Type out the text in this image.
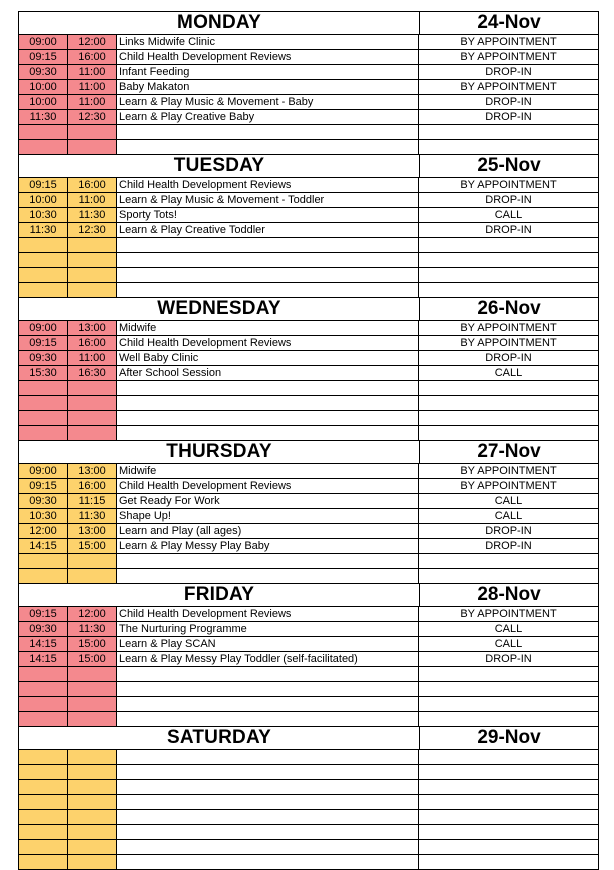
MONDAY	24-Nov
09:00	12:00	Links Midwife Clinic	BY APPOINTMENT
09:15	16:00	Child Health Development Reviews	BY APPOINTMENT
09:30	11:00	Infant Feeding	DROP-IN
10:00	11:00	Baby Makaton	BY APPOINTMENT
10:00	11:00	Learn & Play Music & Movement - Baby	DROP-IN
11:30	12:30	Learn & Play Creative Baby	DROP-IN
TUESDAY	25-Nov
09:15	16:00	Child Health Development Reviews	BY APPOINTMENT
10:00	11:00	Learn & Play Music & Movement - Toddler	DROP-IN
10:30	11:30	Sporty Tots!	CALL
11:30	12:30	Learn & Play Creative Toddler	DROP-IN
WEDNESDAY	26-Nov
09:00	13:00	Midwife	BY APPOINTMENT
09:15	16:00	Child Health Development Reviews	BY APPOINTMENT
09:30	11:00	Well Baby Clinic	DROP-IN
15:30	16:30	After School Session	CALL
THURSDAY	27-Nov
09:00	13:00	Midwife	BY APPOINTMENT
09:15	16:00	Child Health Development Reviews	BY APPOINTMENT
09:30	11:15	Get Ready For Work	CALL
10:30	11:30	Shape Up!	CALL
12:00	13:00	Learn and Play (all ages)	DROP-IN
14:15	15:00	Learn & Play Messy Play Baby	DROP-IN
FRIDAY	28-Nov
09:15	12:00	Child Health Development Reviews	BY APPOINTMENT
09:30	11:30	The Nurturing Programme	CALL
14:15	15:00	Learn & Play SCAN	CALL
14:15	15:00	Learn & Play Messy Play Toddler (self-facilitated)	DROP-IN
SATURDAY	29-Nov
